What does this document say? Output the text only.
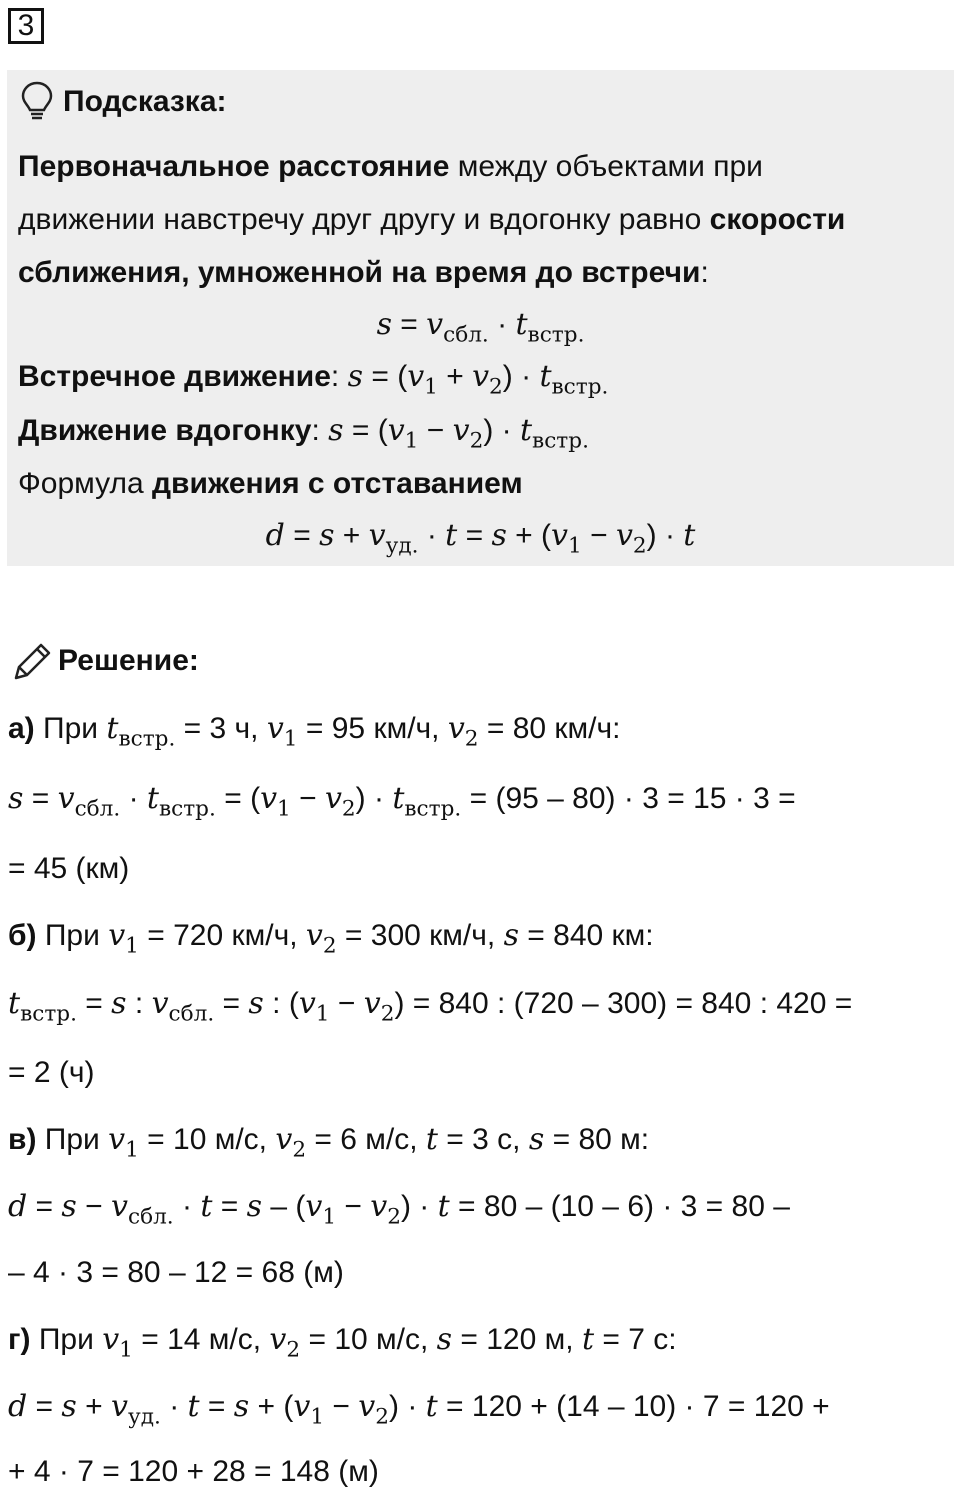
3
Подсказка:
Первоначальное расстояние между объектами при
движении навстречу друг другу и вдогонку равно скорости
сближения, умноженной на время до встречи:
$s = v_{сбл.} \cdot t_{встр.}$
Встречное движение: $s = (v_1 + v_2) \cdot t_{встр.}$
Движение вдогонку: $s = (v_1 - v_2) \cdot t_{встр.}$
Формула движения с отставанием
$d = s + v_{уд.} \cdot t = s + (v_1 - v_2) \cdot t$
Решение:
а) При $t_{встр.} = 3$ ч, $v_1 = 95$ км/ч, $v_2 = 80$ км/ч:
$s = v_{сбл.} \cdot t_{встр.} = (v_1 - v_2) \cdot t_{встр.} = (95 - 80) \cdot 3 = 15 \cdot 3$ =
= 45 (км)
б) При $v_1 = 720$ км/ч, $v_2 = 300$ км/ч, s = 840 км:
$t_{встр.} = s$ : $v_{сбл.} = s$ : $(v_1 - v_2) = 840$ : (720 – 300) = 840 : 420 =
= 2 (ч)
в) При $v_1 = 10$ м/с, $v_2 = 6$ м/с, t = 3 с, s = 80 м:
$d = s - v_{сбл.} \cdot t = s - (v_1 - v_2) \cdot t = 80 - (10 - 6) \cdot 3 = 80$ –
– 4 · 3 = 80 – 12 = 68 (м)
г) При $v_1 = 14$ м/с, $v_2 = 10$ м/с, s = 120 м, t = 7 с:
$d = s + v_{уд.} \cdot t = s + (v_1 - v_2) \cdot t = 120 + (14 - 10) \cdot 7 = 120$ +
+ 4 · 7 = 120 + 28 = 148 (м)
